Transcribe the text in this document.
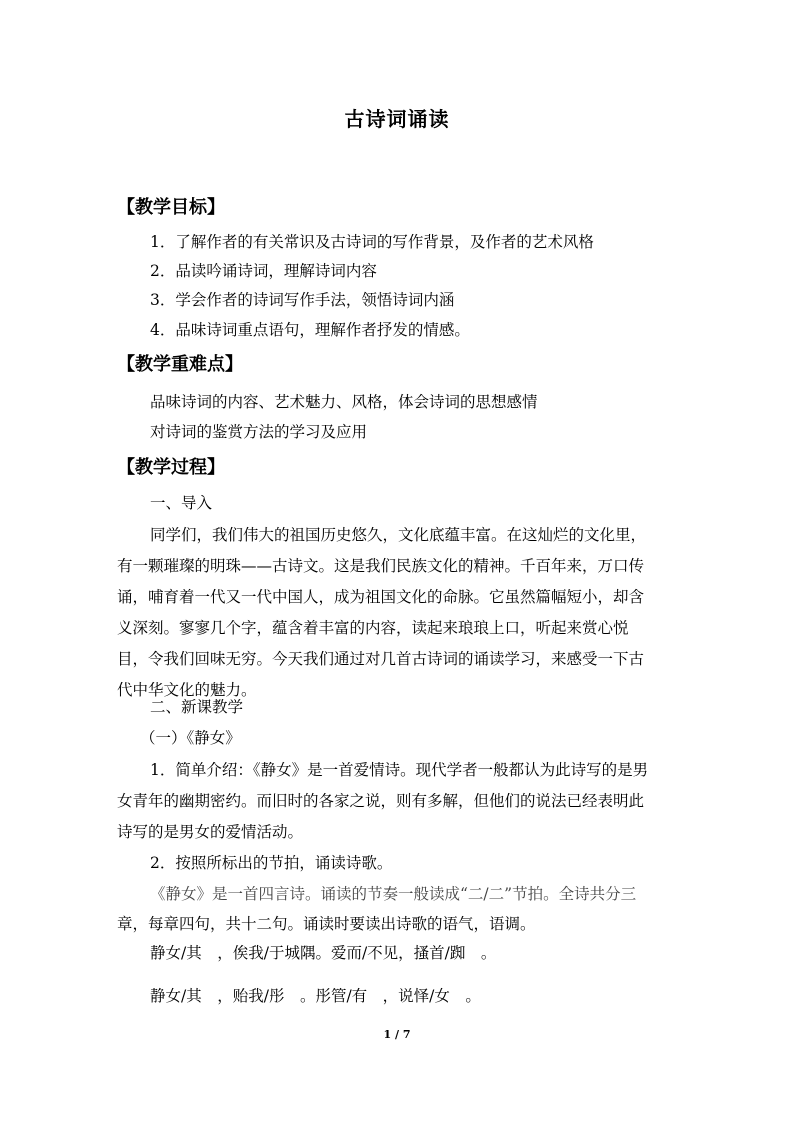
古诗词诵读
【教学目标】
1．了解作者的有关常识及古诗词的写作背景，及作者的艺术风格
2．品读吟诵诗词，理解诗词内容
3．学会作者的诗词写作手法，领悟诗词内涵
4．品味诗词重点语句，理解作者抒发的情感。
【教学重难点】
品味诗词的内容、艺术魅力、风格，体会诗词的思想感情
对诗词的鉴赏方法的学习及应用
【教学过程】
一、导入
同学们，我们伟大的祖国历史悠久，文化底蕴丰富。在这灿烂的文化里，
有一颗璀璨的明珠——古诗文。这是我们民族文化的精神。千百年来，万口传
诵，哺育着一代又一代中国人，成为祖国文化的命脉。它虽然篇幅短小，却含
义深刻。寥寥几个字，蕴含着丰富的内容，读起来琅琅上口，听起来赏心悦
目，令我们回味无穷。今天我们通过对几首古诗词的诵读学习，来感受一下古
代中华文化的魅力。
二、新课教学
（一）《静女》
1．简单介绍：《静女》是一首爱情诗。现代学者一般都认为此诗写的是男
女青年的幽期密约。而旧时的各家之说，则有多解，但他们的说法已经表明此
诗写的是男女的爱情活动。
2．按照所标出的节拍，诵读诗歌。
《静女》是一首四言诗。诵读的节奏一般读成“二/二”节拍。全诗共分三
章，每章四句，共十二句。诵读时要读出诗歌的语气，语调。
静女/其　，俟我/于城隅。爱而/不见，搔首/踟　。
静女/其　，贻我/彤　。彤管/有　，说怿/女　。
1 / 7
